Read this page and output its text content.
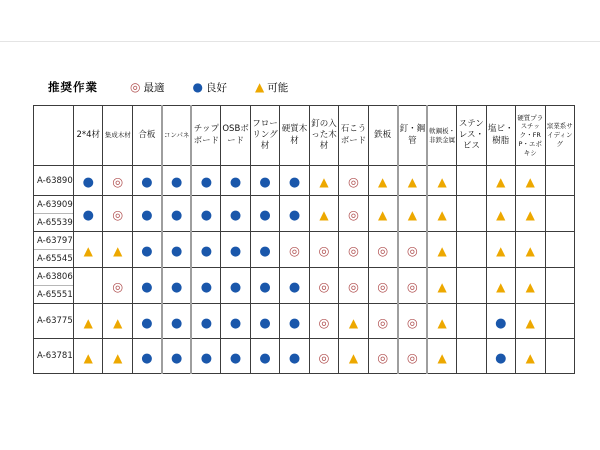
推奨作業	◎ 最適 ● 良好 ▲ 可能
	2*4材	集成木材	合板	コンパネ	チップボード	OSBボード	フローリング材	硬質木材	釘の入った木材	石こうボード	鉄板	釘・鋼管	軟鋼板・非鉄金属	ステンレス・ビス	塩ビ・樹脂	硬質プラスチック・FRP・エポキシ	窯業系サイディング

A-63890	●	◎	●	●	●	●	●	●	▲	◎	▲	▲	▲		▲	▲	

A-63909
A-65539	●	◎	●	●	●	●	●	●	▲	◎	▲	▲	▲		▲	▲	

A-63797
A-65545	▲	▲	●	●	●	●	●	◎	◎	◎	◎	◎	▲		▲	▲	

A-63806
A-65551		◎	●	●	●	●	●	●	◎	◎	◎	◎	▲		▲	▲	

A-63775	▲	▲	●	●	●	●	●	●	◎	▲	◎	◎	▲		●	▲	

A-63781	▲	▲	●	●	●	●	●	●	◎	▲	◎	◎	▲		●	▲	
